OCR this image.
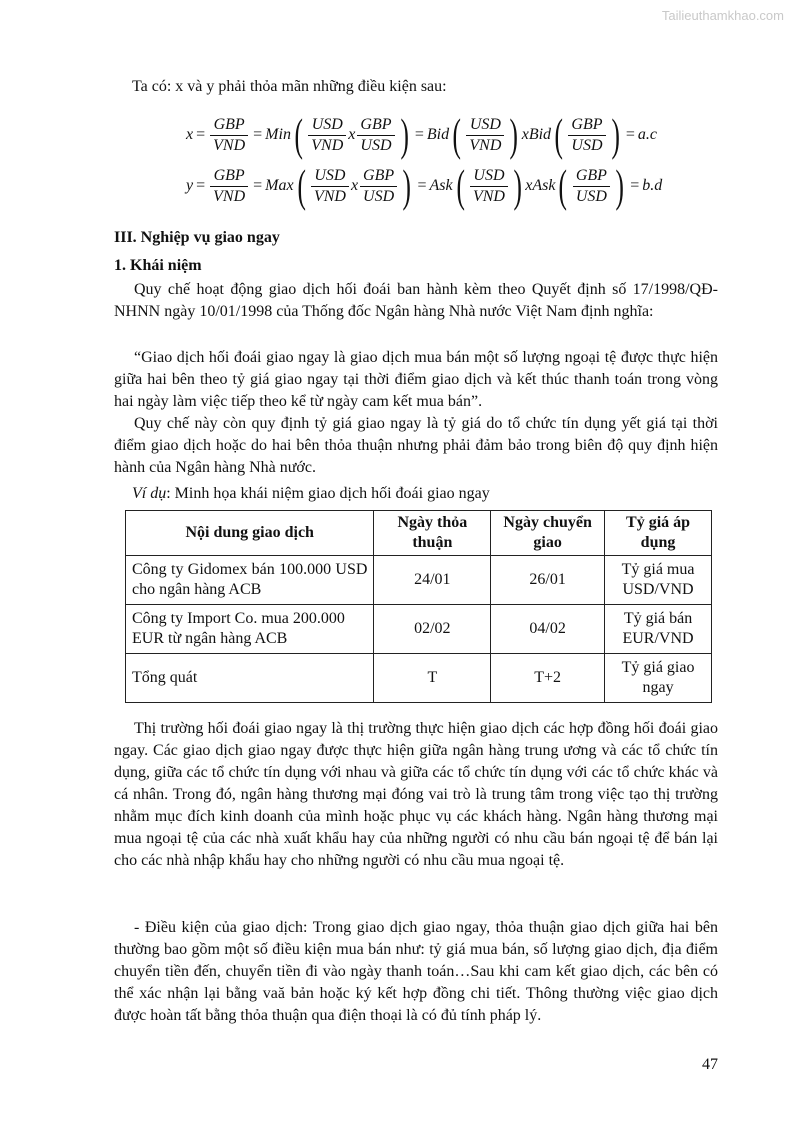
Tailieuthamkhao.com

Ta có: x và y phải thỏa mãn những điều kiện sau:

$x = \frac{\text{GBP}}{\text{VND}}$ = Min ( $\frac{\text{USD}}{\text{VND}}$ x $\frac{\text{GBP}}{\text{USD}}$ ) = Bid ( $\frac{\text{USD}}{\text{VND}}$ ) xBid ( $\frac{\text{GBP}}{\text{USD}}$ ) = a.c
$y = \frac{\text{GBP}}{\text{VND}}$ = Max ( $\frac{\text{USD}}{\text{VND}}$ x $\frac{\text{GBP}}{\text{USD}}$ ) = Ask ( $\frac{\text{USD}}{\text{VND}}$ ) xAsk ( $\frac{\text{GBP}}{\text{USD}}$ ) = b.d

III. Nghiệp vụ giao ngay

1. Khái niệm

Quy chế hoạt động giao dịch hối đoái ban hành kèm theo Quyết định số 17/1998/QĐ-NHNN ngày 10/01/1998 của Thống đốc Ngân hàng Nhà nước Việt Nam định nghĩa:

“Giao dịch hối đoái giao ngay là giao dịch mua bán một số lượng ngoại tệ được thực hiện giữa hai bên theo tỷ giá giao ngay tại thời điểm giao dịch và kết thúc thanh toán trong vòng hai ngày làm việc tiếp theo kể từ ngày cam kết mua bán”.

Quy chế này còn quy định tỷ giá giao ngay là tỷ giá do tổ chức tín dụng yết giá tại thời điểm giao dịch hoặc do hai bên thỏa thuận nhưng phải đảm bảo trong biên độ quy định hiện hành của Ngân hàng Nhà nước.

Ví dụ: Minh họa khái niệm giao dịch hối đoái giao ngay

Nội dung giao dịch	Ngày thỏa thuận	Ngày chuyển giao	Tỷ giá áp dụng
Công ty Gidomex bán 100.000 USD cho ngân hàng ACB	24/01	26/01	Tỷ giá mua USD/VND
Công ty Import Co. mua 200.000 EUR từ ngân hàng ACB	02/02	04/02	Tỷ giá bán EUR/VND
Tổng quát	T	T+2	Tỷ giá giao ngay

Thị trường hối đoái giao ngay là thị trường thực hiện giao dịch các hợp đồng hối đoái giao ngay. Các giao dịch giao ngay được thực hiện giữa ngân hàng trung ương và các tổ chức tín dụng, giữa các tổ chức tín dụng với nhau và giữa các tổ chức tín dụng với các tổ chức khác và cá nhân. Trong đó, ngân hàng thương mại đóng vai trò là trung tâm trong việc tạo thị trường nhằm mục đích kinh doanh của mình hoặc phục vụ các khách hàng. Ngân hàng thương mại mua ngoại tệ của các nhà xuất khẩu hay của những người có nhu cầu bán ngoại tệ để bán lại cho các nhà nhập khẩu hay cho những người có nhu cầu mua ngoại tệ.

- Điều kiện của giao dịch: Trong giao dịch giao ngay, thỏa thuận giao dịch giữa hai bên thường bao gồm một số điều kiện mua bán như: tỷ giá mua bán, số lượng giao dịch, địa điểm chuyển tiền đến, chuyển tiền đi vào ngày thanh toán…Sau khi cam kết giao dịch, các bên có thể xác nhận lại bằng vaă bản hoặc ký kết hợp đồng chi tiết. Thông thường việc giao dịch được hoàn tất bằng thỏa thuận qua điện thoại là có đủ tính pháp lý.

47
